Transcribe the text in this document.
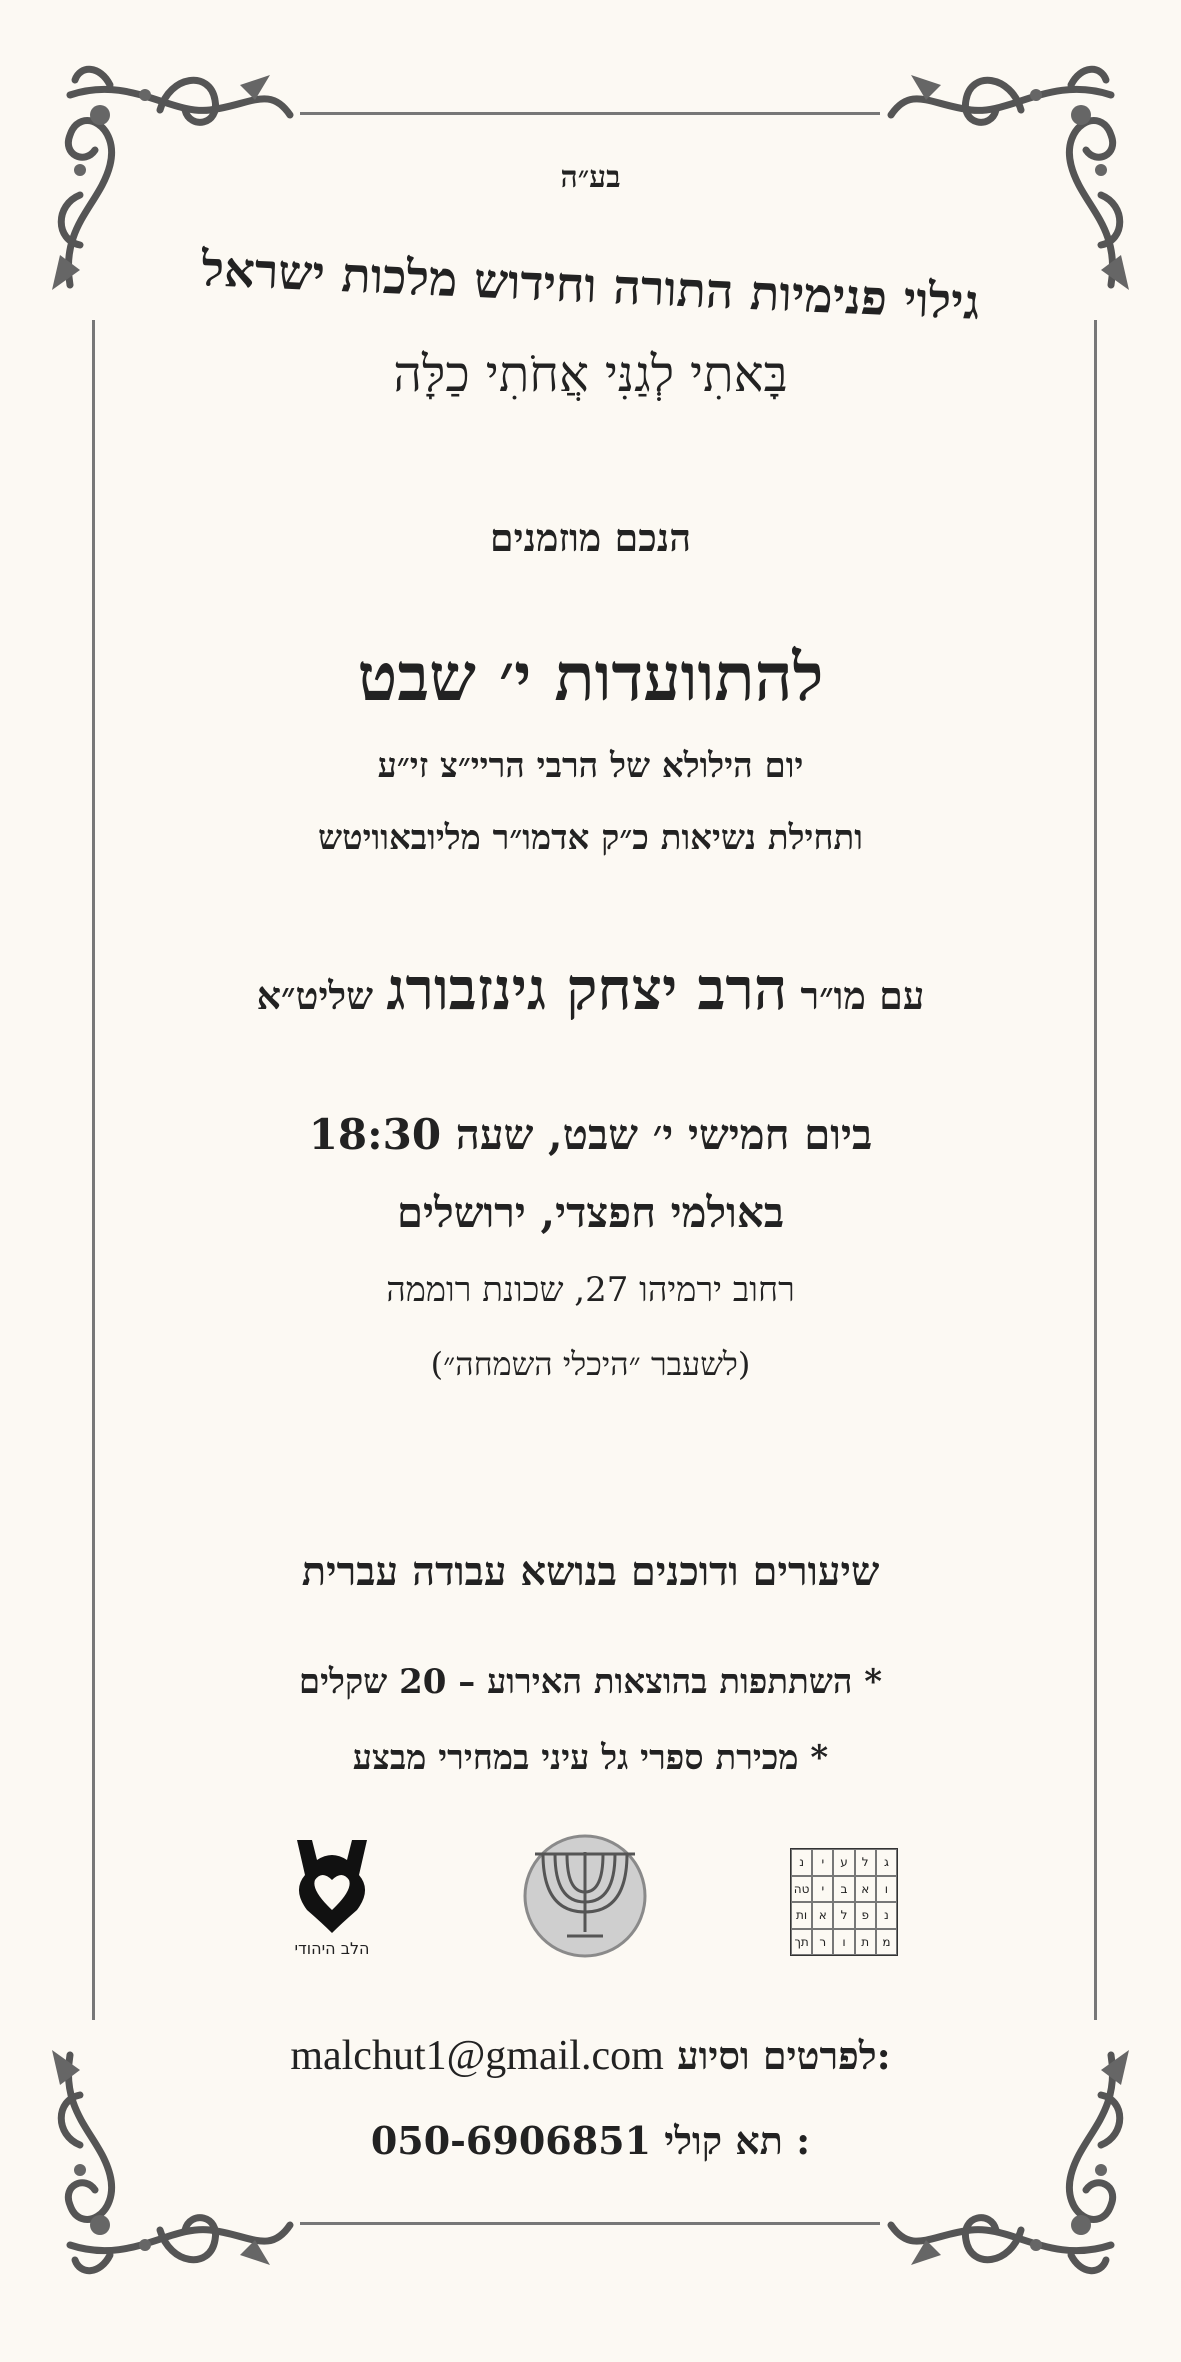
בע״ה
גילוי פנימיות התורה וחידוש מלכות ישראל
בָּאתִי לְגַנִּי אֲחֹתִי כַלָּה
הנכם מוזמנים
להתוועדות י׳ שבט
יום הילולא של הרבי הריי״צ זי״ע
ותחילת נשיאות כ״ק אדמו״ר מליובאוויטש
עם מו״ר הרב יצחק גינזבורג שליט״א
ביום חמישי י׳ שבט, שעה 18:30
באולמי חפצדי, ירושלים
רחוב ירמיהו 27, שכונת רוממה
(לשעבר ״היכלי השמחה״)
שיעורים ודוכנים בנושא עבודה עברית
* השתתפות בהוצאות האירוע – 20 שקלים
* מכירת ספרי גל עיני במחירי מבצע
הלב היהודי
ג
ל
ע
י
נ
ו
א
ב
י
טה
נ
פ
ל
א
ות
מ
ת
ו
ר
תך
malchut1@gmail.com לפרטים וסיוע:
050-6906851 תא קולי :
